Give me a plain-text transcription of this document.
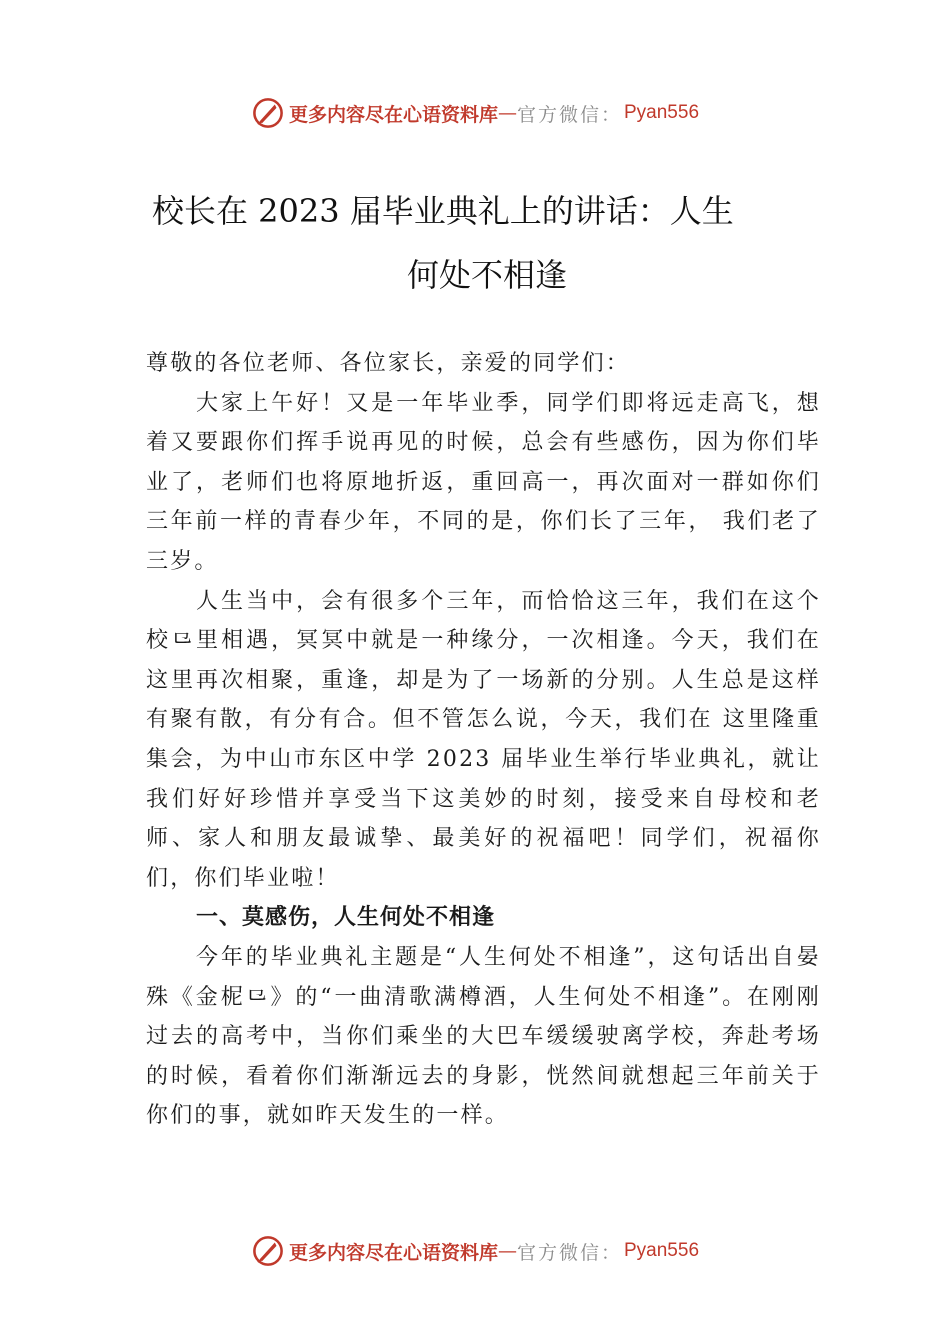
更多内容尽在心语资料库 — 官方微信： Pyan556
校长在 2023 届毕业典礼上的讲话：人生
何处不相逢

尊敬的各位老师、各位家长，亲爱的同学们：

大家上午好！又是一年毕业季，同学们即将远走高飞，想着又要跟你们挥手说再见的时候，总会有些感伤，因为你们毕业了，老师们也将原地折返，重回高一，再次面对一群如你们三年前一样的青春少年，不同的是，你们长了三年， 我们老了三岁。

人生当中，会有很多个三年，而恰恰这三年，我们在这个校⺋里相遇，冥冥中就是一种缘分，一次相逢。今天，我们在这里再次相聚，重逢，却是为了一场新的分别。人生总是这样有聚有散，有分有合。但不管怎么说，今天，我们在 这里隆重集会，为中山市东区中学 2023 届毕业生举行毕业典礼，就让我们好好珍惜并享受当下这美妙的时刻，接受来自母校和老师、家人和朋友最诚挚、最美好的祝福吧！同学们，祝福你们，你们毕业啦！

一、莫感伤，人生何处不相逢

今年的毕业典礼主题是“人生何处不相逢”，这句话出自晏殊《金柅⺋》的“一曲清歌满樽酒，人生何处不相逢”。在刚刚过去的高考中，当你们乘坐的大巴车缓缓驶离学校，奔赴考场的时候，看着你们渐渐远去的身影，恍然间就想起三年前关于你们的事，就如昨天发生的一样。

更多内容尽在心语资料库 — 官方微信： Pyan556
